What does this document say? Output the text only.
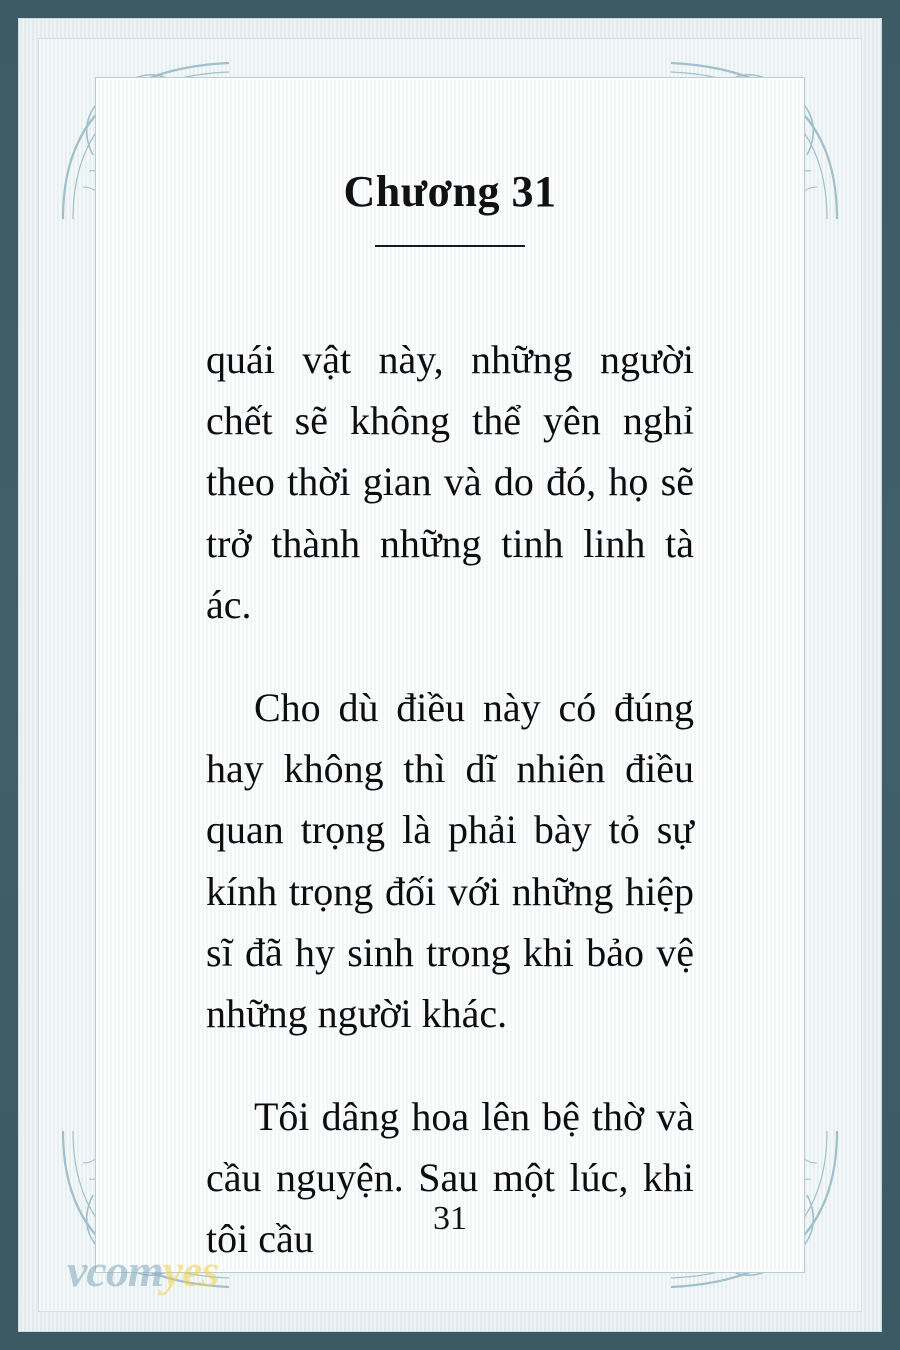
Chương 31

quái vật này, những người chết sẽ không thể yên nghỉ theo thời gian và do đó, họ sẽ trở thành những tinh linh tà ác.

Cho dù điều này có đúng hay không thì dĩ nhiên điều quan trọng là phải bày tỏ sự kính trọng đối với những hiệp sĩ đã hy sinh trong khi bảo vệ những người khác.

Tôi dâng hoa lên bệ thờ và cầu nguyện. Sau một lúc, khi tôi cầu	31
vcomyes
